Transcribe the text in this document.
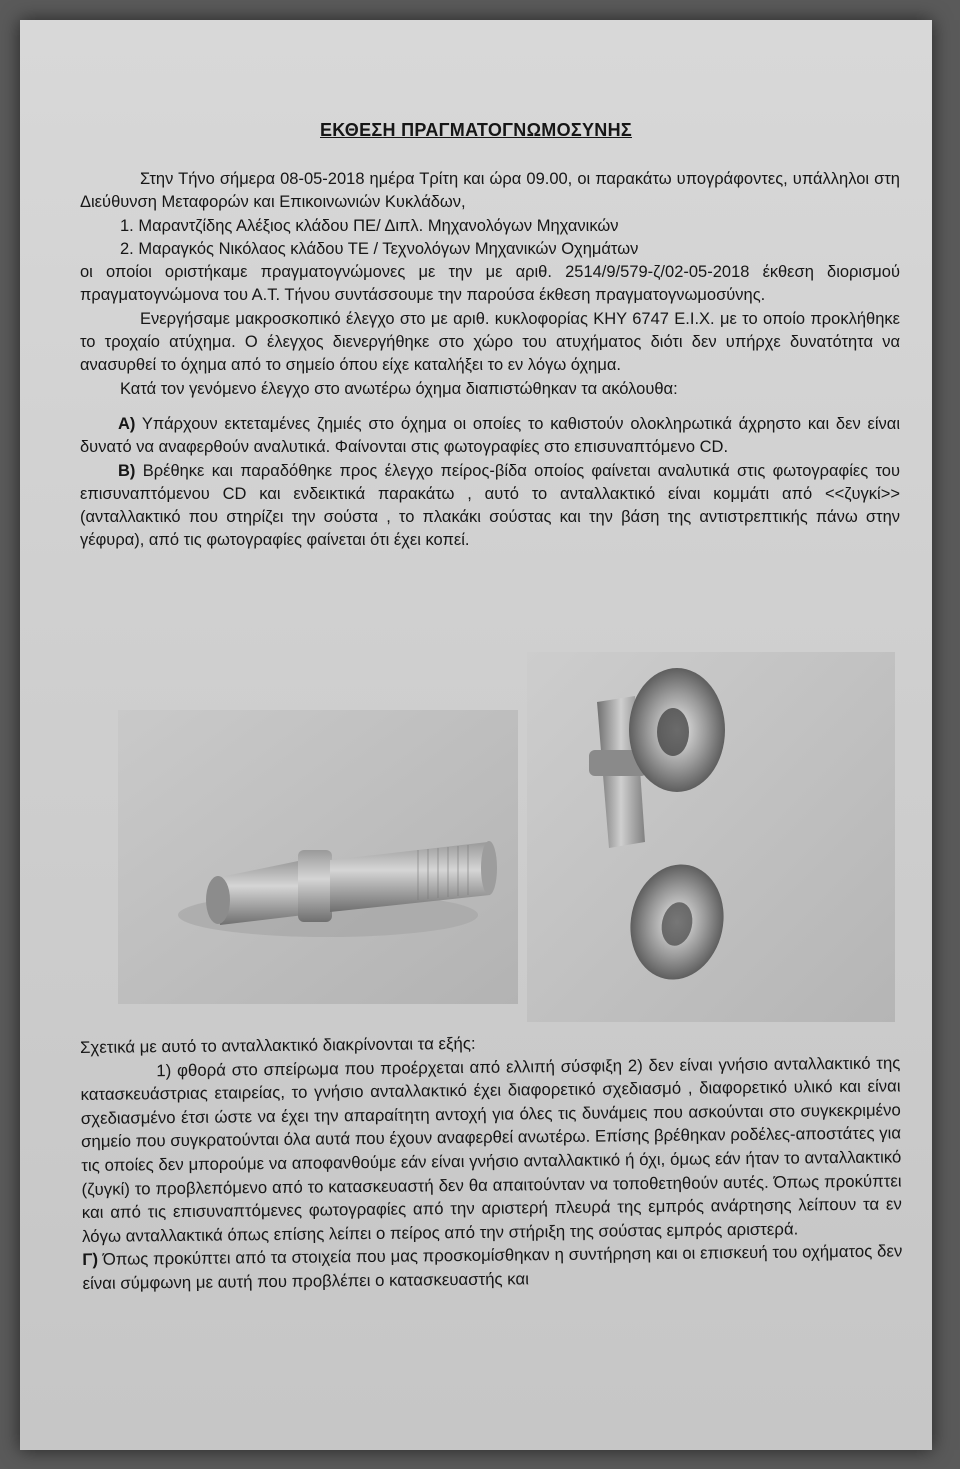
ΕΚΘΕΣΗ ΠΡΑΓΜΑΤΟΓΝΩΜΟΣΥΝΗΣ

Στην Τήνο σήμερα 08-05-2018 ημέρα Τρίτη και ώρα 09.00, οι παρακάτω υπογράφοντες, υπάλληλοι στη Διεύθυνση Μεταφορών και Επικοινωνιών Κυκλάδων,

1. Μαραντζίδης Αλέξιος κλάδου ΠΕ/ Διπλ. Μηχανολόγων Μηχανικών

2. Μαραγκός Νικόλαος κλάδου ΤΕ / Τεχνολόγων Μηχανικών Οχημάτων

οι οποίοι οριστήκαμε πραγματογνώμονες με την με αριθ. 2514/9/579-ζ/02-05-2018 έκθεση διορισμού πραγματογνώμονα του Α.Τ. Τήνου συντάσσουμε την παρούσα έκθεση πραγματογνωμοσύνης.

Ενεργήσαμε μακροσκοπικό έλεγχο στο με αριθ. κυκλοφορίας ΚΗΥ 6747 Ε.Ι.Χ. με το οποίο προκλήθηκε το τροχαίο ατύχημα. Ο έλεγχος διενεργήθηκε στο χώρο του ατυχήματος διότι δεν υπήρχε δυνατότητα να ανασυρθεί το όχημα από το σημείο όπου είχε καταλήξει το εν λόγω όχημα.

Κατά τον γενόμενο έλεγχο στο ανωτέρω όχημα διαπιστώθηκαν τα ακόλουθα:

Α) Υπάρχουν εκτεταμένες ζημιές στο όχημα οι οποίες το καθιστούν ολοκληρωτικά άχρηστο και δεν είναι δυνατό να αναφερθούν αναλυτικά. Φαίνονται στις φωτογραφίες στο επισυναπτόμενο CD.

Β) Βρέθηκε και παραδόθηκε προς έλεγχο πείρος-βίδα οποίος φαίνεται αναλυτικά στις φωτογραφίες του επισυναπτόμενου CD και ενδεικτικά παρακάτω , αυτό το ανταλλακτικό είναι κομμάτι από <<ζυγκί>> (ανταλλακτικό που στηρίζει την σούστα , το πλακάκι σούστας και την βάση της αντιστρεπτικής πάνω στην γέφυρα), από τις φωτογραφίες φαίνεται ότι έχει κοπεί.

Σχετικά με αυτό το ανταλλακτικό διακρίνονται τα εξής:

1) φθορά στο σπείρωμα που προέρχεται από ελλιπή σύσφιξη 2) δεν είναι γνήσιο ανταλλακτικό της κατασκευάστριας εταιρείας, το γνήσιο ανταλλακτικό έχει διαφορετικό σχεδιασμό , διαφορετικό υλικό και είναι σχεδιασμένο έτσι ώστε να έχει την απαραίτητη αντοχή για όλες τις δυνάμεις που ασκούνται στο συγκεκριμένο σημείο που συγκρατούνται όλα αυτά που έχουν αναφερθεί ανωτέρω. Επίσης βρέθηκαν ροδέλες-αποστάτες για τις οποίες δεν μπορούμε να αποφανθούμε εάν είναι γνήσιο ανταλλακτικό ή όχι, όμως εάν ήταν το ανταλλακτικό (ζυγκί) το προβλεπόμενο από το κατασκευαστή δεν θα απαιτούνταν να τοποθετηθούν αυτές. Όπως προκύπτει και από τις επισυναπτόμενες φωτογραφίες από την αριστερή πλευρά της εμπρός ανάρτησης λείπουν τα εν λόγω ανταλλακτικά όπως επίσης λείπει ο πείρος από την στήριξη της σούστας εμπρός αριστερά.

Γ) Όπως προκύπτει από τα στοιχεία που μας προσκομίσθηκαν η συντήρηση και οι επισκευή του οχήματος δεν είναι σύμφωνη με αυτή που προβλέπει ο κατασκευαστής και
